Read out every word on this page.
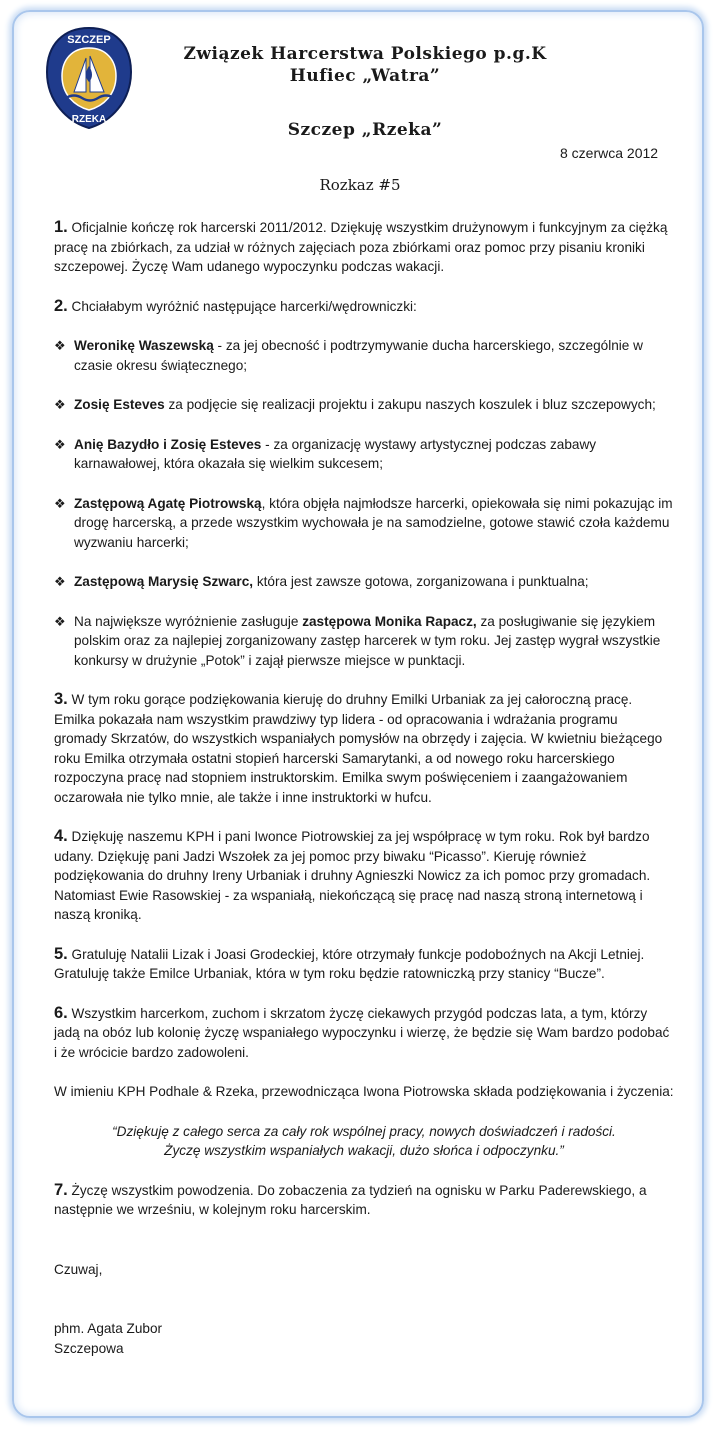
SZCZEP
RZEKA
Związek Harcerstwa Polskiego p.g.K
Hufiec „Watra”
Szczep „Rzeka”
8 czerwca 2012
Rozkaz #5

1. Oficjalnie kończę rok harcerski 2011/2012. Dziękuję wszystkim drużynowym i funkcyjnym za ciężką pracę na zbiórkach, za udział w różnych zajęciach poza zbiórkami oraz pomoc przy pisaniu kroniki szczepowej. Życzę Wam udanego wypoczynku podczas wakacji.

2. Chciałabym wyróżnić następujące harcerki/wędrowniczki:

❖ Weronikę Waszewską - za jej obecność i podtrzymywanie ducha harcerskiego, szczególnie w czasie okresu świątecznego;

❖ Zosię Esteves za podjęcie się realizacji projektu i zakupu naszych koszulek i bluz szczepowych;

❖ Anię Bazydło i Zosię Esteves - za organizację wystawy artystycznej podczas zabawy karnawałowej, która okazała się wielkim sukcesem;

❖ Zastępową Agatę Piotrowską, która objęła najmłodsze harcerki, opiekowała się nimi pokazując im drogę harcerską, a przede wszystkim wychowała je na samodzielne, gotowe stawić czoła każdemu wyzwaniu harcerki;

❖ Zastępową Marysię Szwarc, która jest zawsze gotowa, zorganizowana i punktualna;

❖ Na największe wyróżnienie zasługuje zastępowa Monika Rapacz, za posługiwanie się językiem polskim oraz za najlepiej zorganizowany zastęp harcerek w tym roku. Jej zastęp wygrał wszystkie konkursy w drużynie „Potok” i zajął pierwsze miejsce w punktacji.

3. W tym roku gorące podziękowania kieruję do druhny Emilki Urbaniak za jej całoroczną pracę. Emilka pokazała nam wszystkim prawdziwy typ lidera - od opracowania i wdrażania programu gromady Skrzatów, do wszystkich wspaniałych pomysłów na obrzędy i zajęcia. W kwietniu bieżącego roku Emilka otrzymała ostatni stopień harcerski Samarytanki, a od nowego roku harcerskiego rozpoczyna pracę nad stopniem instruktorskim. Emilka swym poświęceniem i zaangażowaniem oczarowała nie tylko mnie, ale także i inne instruktorki w hufcu.

4. Dziękuję naszemu KPH i pani Iwonce Piotrowskiej za jej współpracę w tym roku. Rok był bardzo udany. Dziękuję pani Jadzi Wszołek za jej pomoc przy biwaku “Picasso”. Kieruję również podziękowania do druhny Ireny Urbaniak i druhny Agnieszki Nowicz za ich pomoc przy gromadach. Natomiast Ewie Rasowskiej - za wspaniałą, niekończącą się pracę nad naszą stroną internetową i naszą kroniką.

5. Gratuluję Natalii Lizak i Joasi Grodeckiej, które otrzymały funkcje podoboźnych na Akcji Letniej. Gratuluję także Emilce Urbaniak, która w tym roku będzie ratowniczką przy stanicy “Bucze”.

6. Wszystkim harcerkom, zuchom i skrzatom życzę ciekawych przygód podczas lata, a tym, którzy jadą na obóz lub kolonię życzę wspaniałego wypoczynku i wierzę, że będzie się Wam bardzo podobać i że wrócicie bardzo zadowoleni.

W imieniu KPH Podhale & Rzeka, przewodnicząca Iwona Piotrowska składa podziękowania i życzenia:

“Dziękuję z całego serca za cały rok wspólnej pracy, nowych doświadczeń i radości.

Życzę wszystkim wspaniałych wakacji, dużo słońca i odpoczynku.”

7. Życzę wszystkim powodzenia. Do zobaczenia za tydzień na ognisku w Parku Paderewskiego, a następnie we wrześniu, w kolejnym roku harcerskim.

Czuwaj,

phm. Agata Zubor

Szczepowa
